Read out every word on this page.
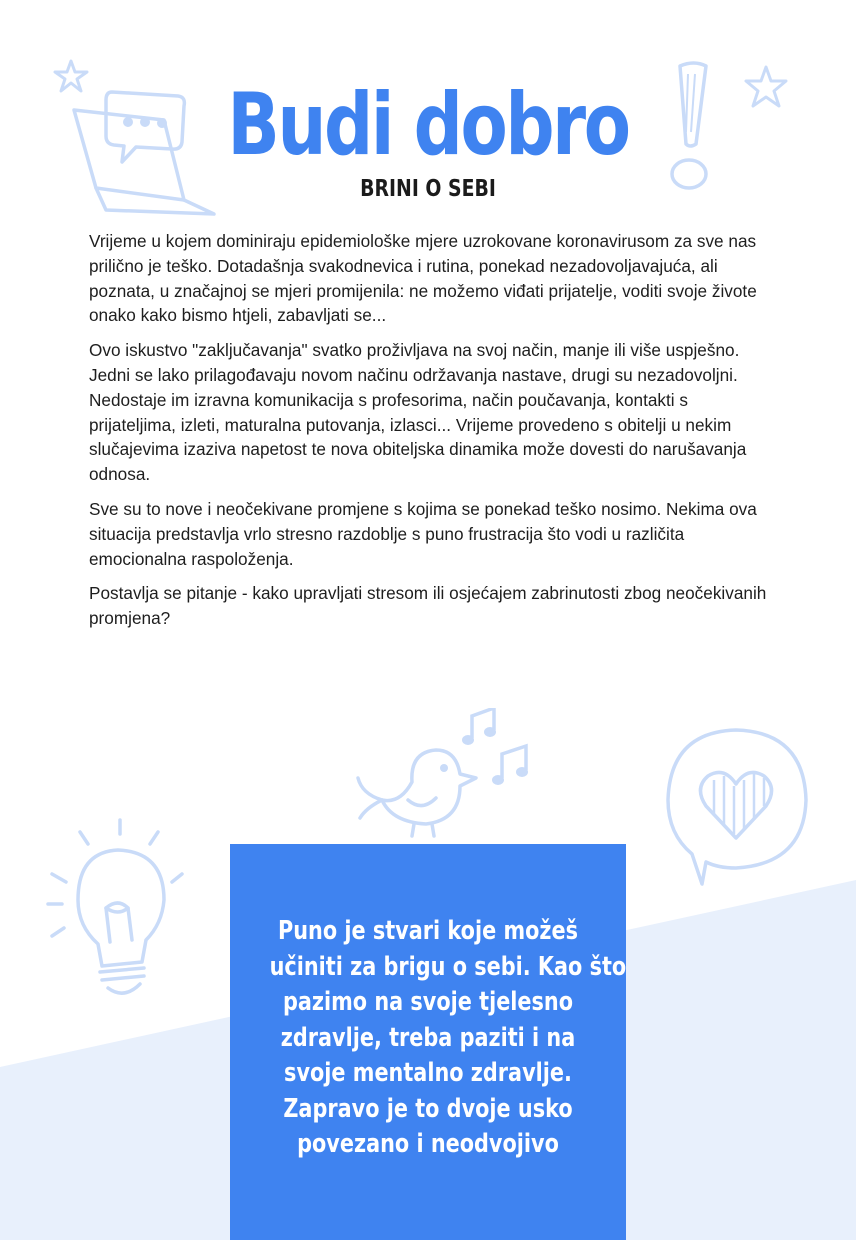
Budi dobro
BRINI O SEBI

Vrijeme u kojem dominiraju epidemiološke mjere uzrokovane koronavirusom za sve nas prilično je teško. Dotadašnja svakodnevica i rutina, ponekad nezadovoljavajuća, ali poznata, u značajnoj se mjeri promijenila: ne možemo viđati prijatelje, voditi svoje živote onako kako bismo htjeli, zabavljati se...

Ovo iskustvo "zaključavanja" svatko proživljava na svoj način, manje ili više uspješno. Jedni se lako prilagođavaju novom načinu održavanja nastave, drugi su nezadovoljni. Nedostaje im izravna komunikacija s profesorima, način poučavanja, kontakti s prijateljima, izleti, maturalna putovanja, izlasci... Vrijeme provedeno s obitelji u nekim slučajevima izaziva napetost te nova obiteljska dinamika može dovesti do narušavanja odnosa.

Sve su to nove i neočekivane promjene s kojima se ponekad teško nosimo. Nekima ova situacija predstavlja vrlo stresno razdoblje s puno frustracija što vodi u različita emocionalna raspoloženja.

Postavlja se pitanje - kako upravljati stresom ili osjećajem zabrinutosti zbog neočekivanih promjena?

Puno je stvari koje možeš
učiniti za brigu o sebi. Kao što
pazimo na svoje tjelesno
zdravlje, treba paziti i na
svoje mentalno zdravlje.
Zapravo je to dvoje usko
povezano i neodvojivo
